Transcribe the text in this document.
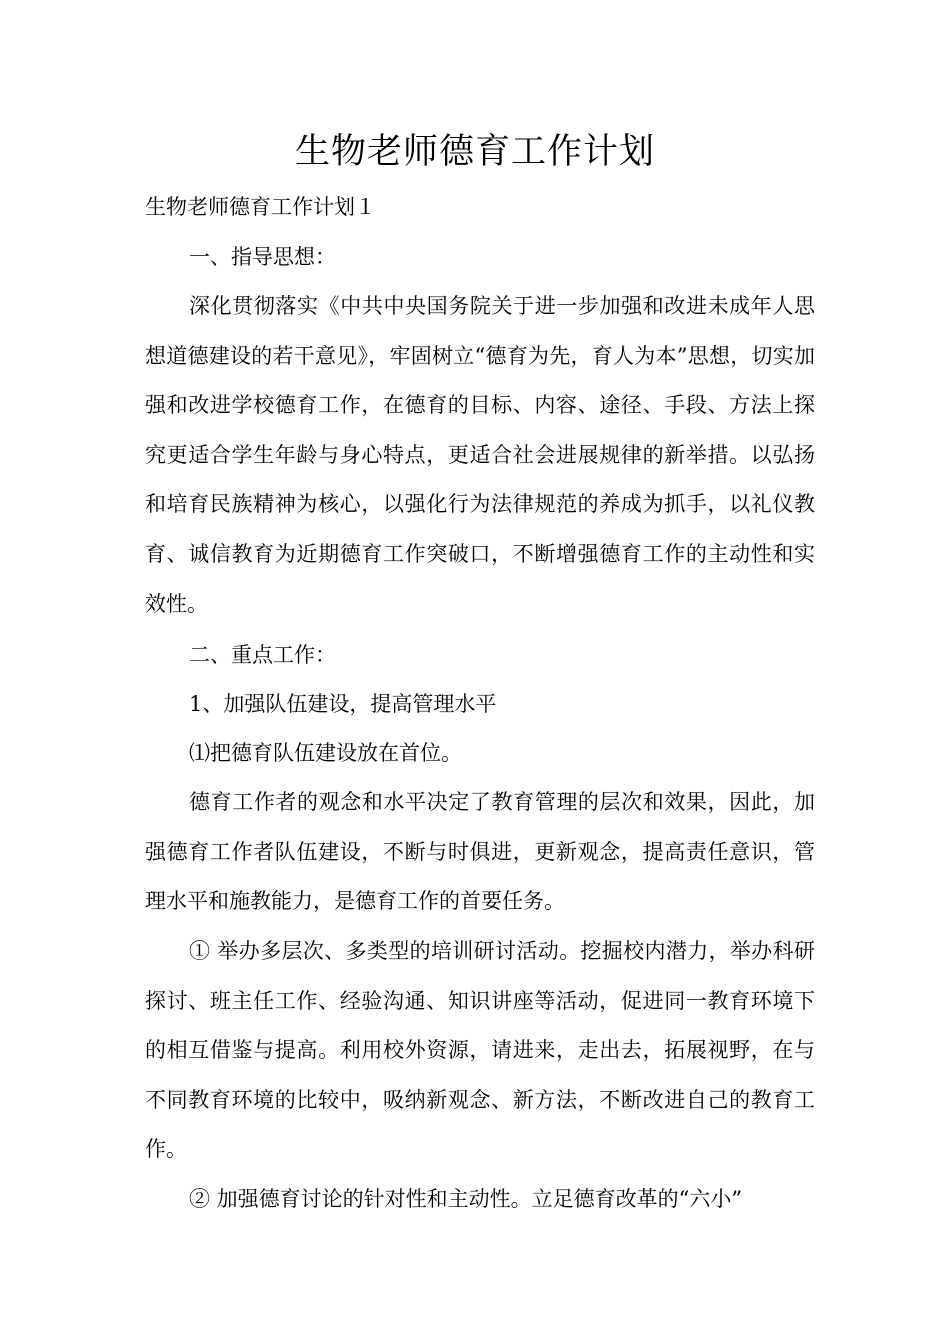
生物老师德育工作计划

生物老师德育工作计划１

一、指导思想：

深化贯彻落实《中共中央国务院关于进一步加强和改进未成年人思想道德建设的若干意见》，牢固树立“德育为先，育人为本”思想，切实加强和改进学校德育工作，在德育的目标、内容、途径、手段、方法上探究更适合学生年龄与身心特点，更适合社会进展规律的新举措。以弘扬和培育民族精神为核心，以强化行为法律规范的养成为抓手，以礼仪教育、诚信教育为近期德育工作突破口，不断增强德育工作的主动性和实效性。

二、重点工作：

1、加强队伍建设，提高管理水平

⑴把德育队伍建设放在首位。

德育工作者的观念和水平决定了教育管理的层次和效果，因此，加强德育工作者队伍建设，不断与时俱进，更新观念，提高责任意识，管理水平和施教能力，是德育工作的首要任务。

① 举办多层次、多类型的培训研讨活动。挖掘校内潜力，举办科研探讨、班主任工作、经验沟通、知识讲座等活动，促进同一教育环境下的相互借鉴与提高。利用校外资源，请进来，走出去，拓展视野，在与不同教育环境的比较中，吸纳新观念、新方法，不断改进自己的教育工作。

② 加强德育讨论的针对性和主动性。立足德育改革的“六小”
